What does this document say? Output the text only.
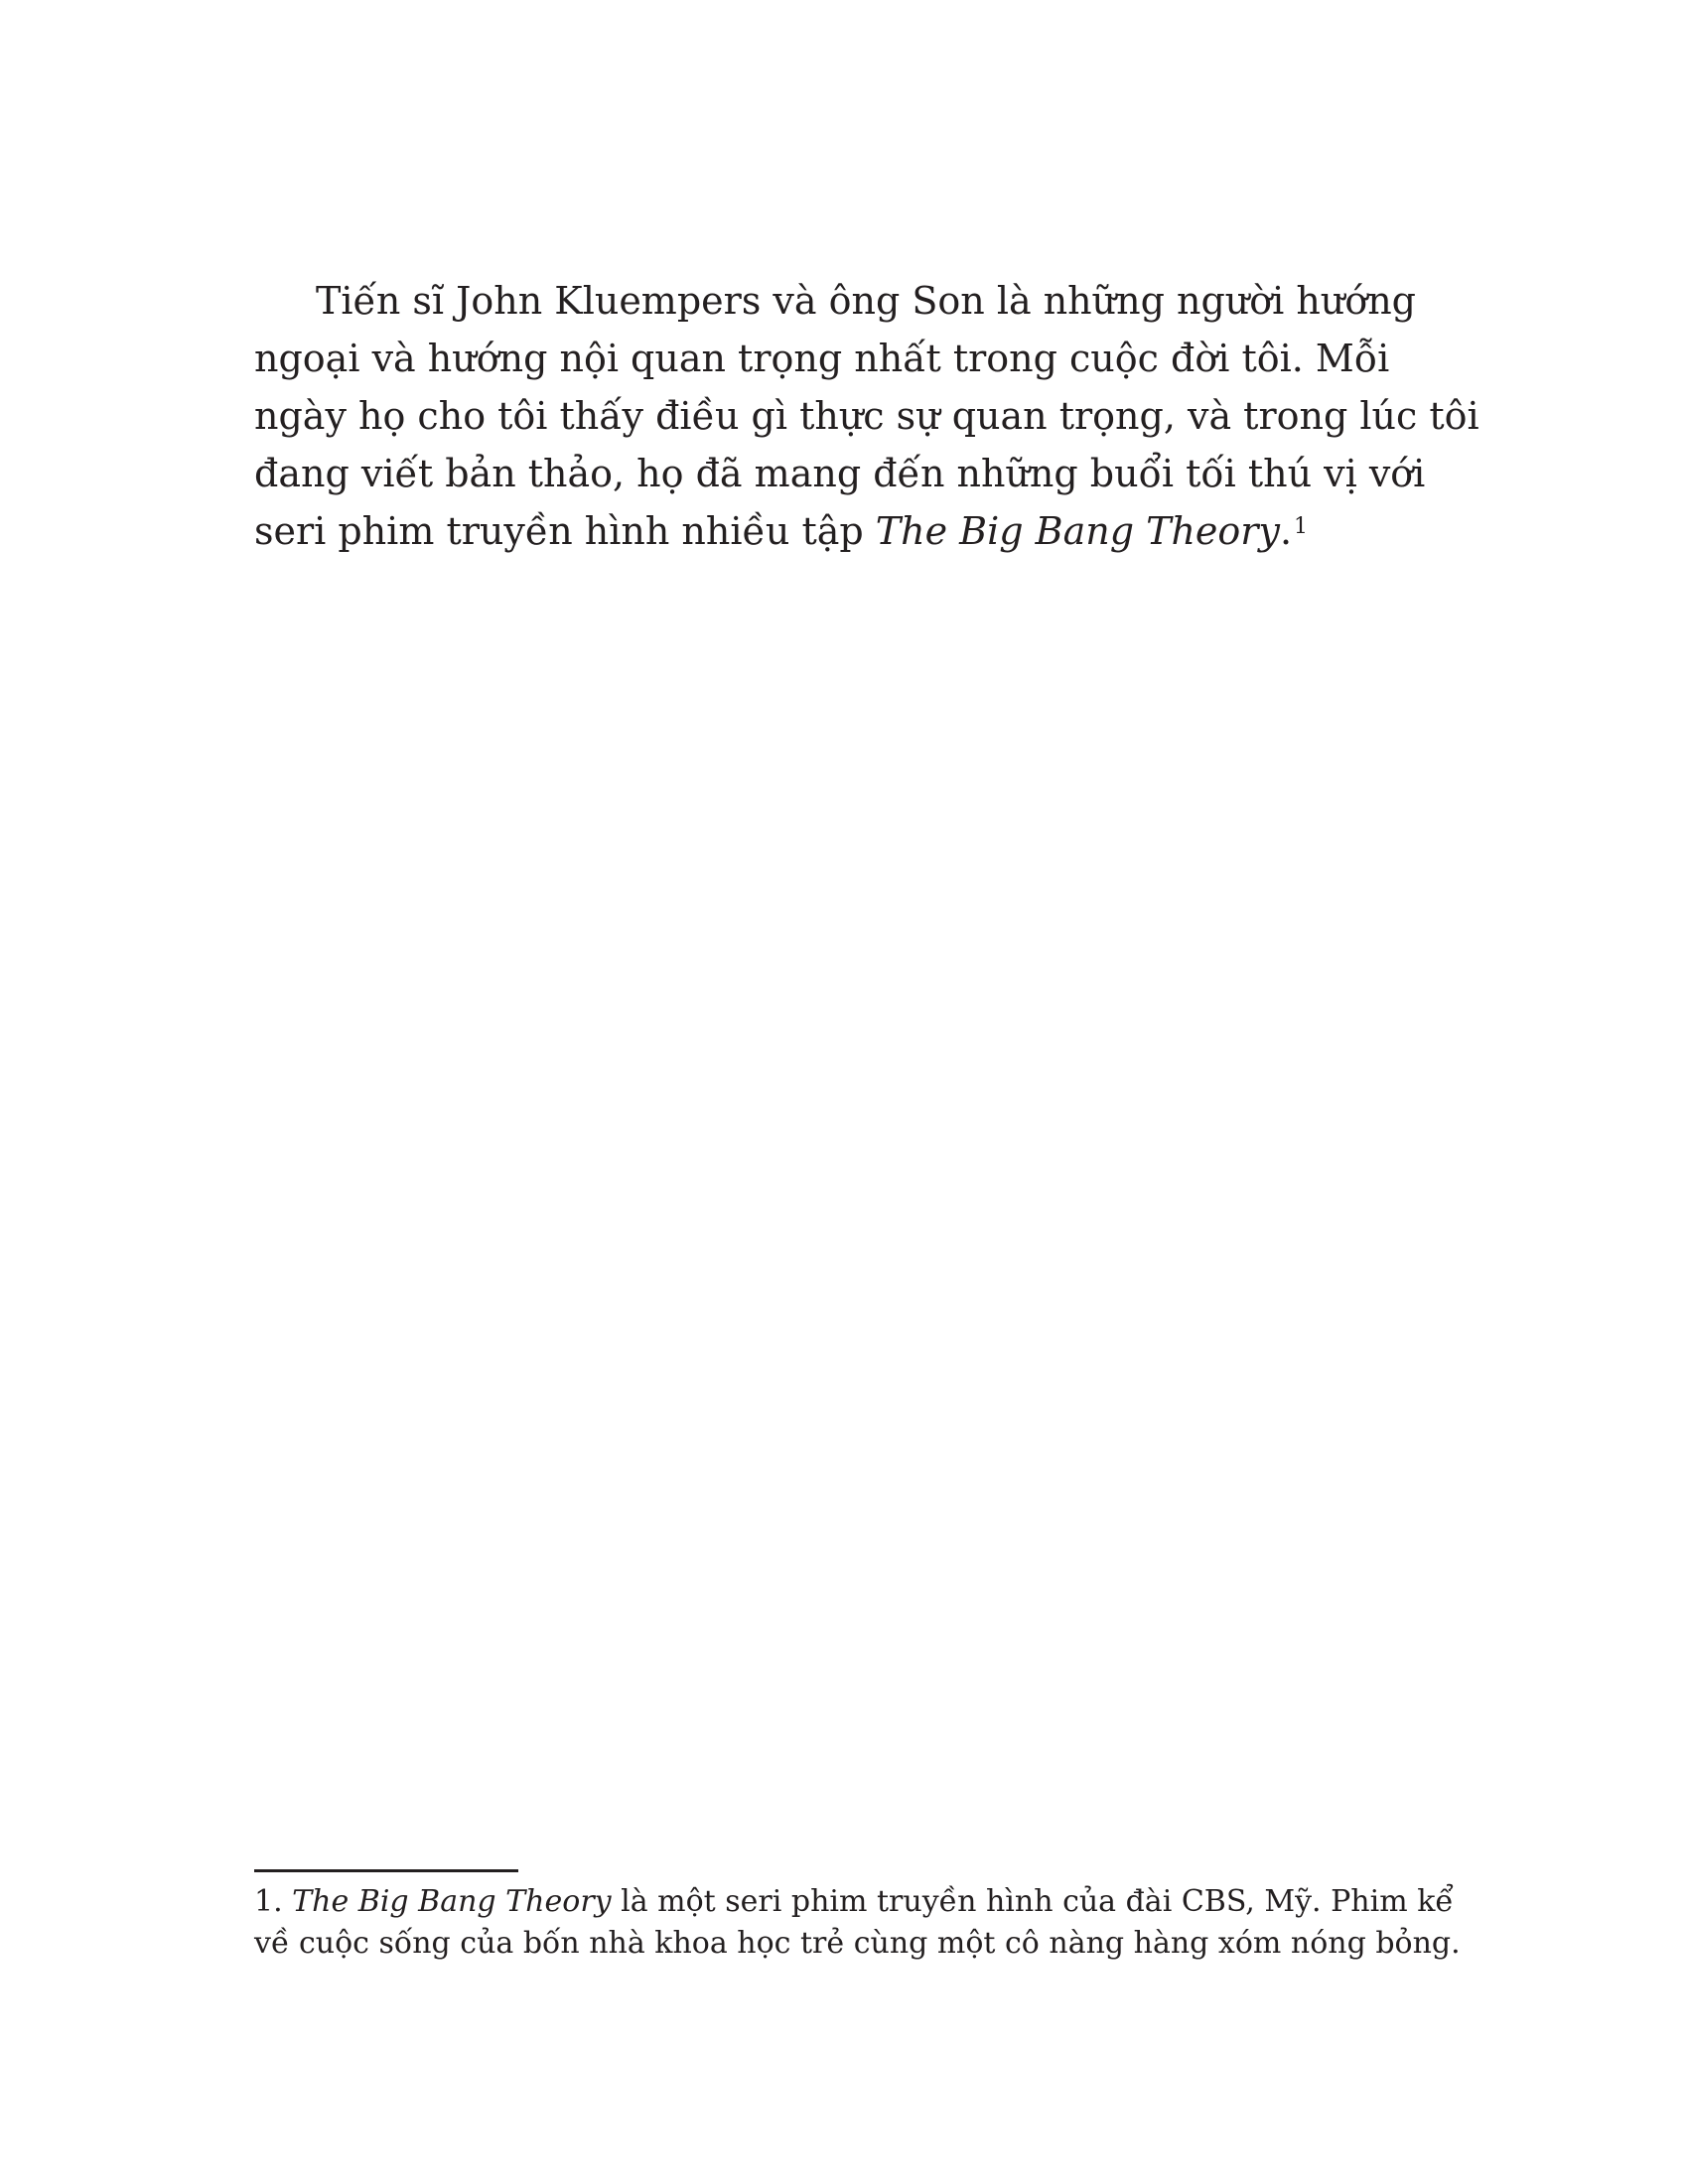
Tiến sĩ John Kluempers và ông Son là những người hướng
ngoại và hướng nội quan trọng nhất trong cuộc đời tôi. Mỗi
ngày họ cho tôi thấy điều gì thực sự quan trọng, và trong lúc tôi
đang viết bản thảo, họ đã mang đến những buổi tối thú vị với
seri phim truyền hình nhiều tập The Big Bang Theory.$^1$

1. The Big Bang Theory là một seri phim truyền hình của đài CBS, Mỹ. Phim kể
về cuộc sống của bốn nhà khoa học trẻ cùng một cô nàng hàng xóm nóng bỏng.
